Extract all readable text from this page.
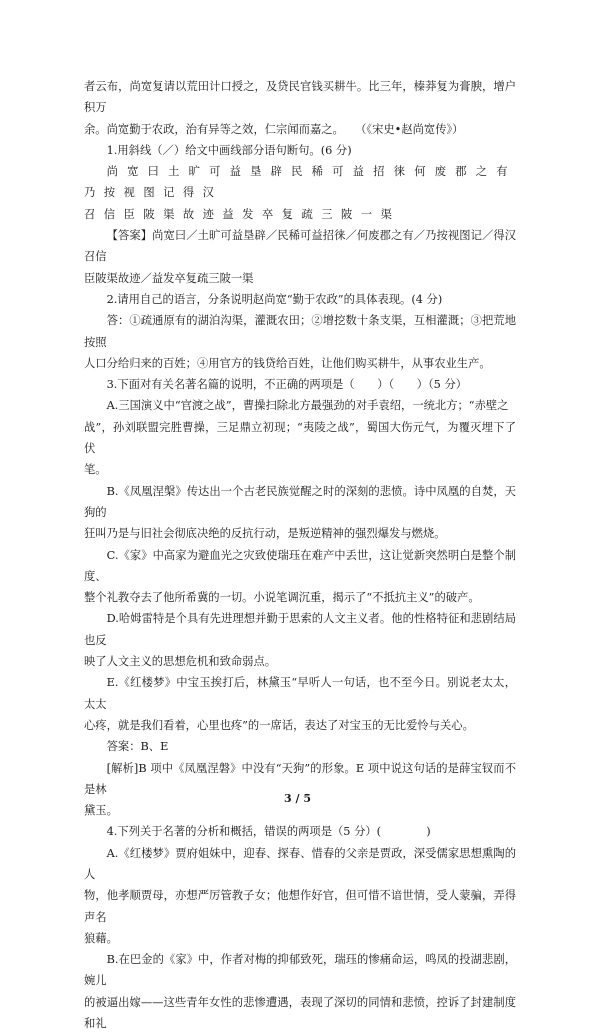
者云布，尚宽复请以荒田计口授之，及贷民官钱买耕牛。比三年，榛莽复为膏腴，增户积万

余。尚宽勤于农政，治有异等之效，仁宗闻而嘉之。　　（《宋史•赵尚宽传》）

1.用斜线（／）给文中画线部分语句断句。(6 分)

尚宽曰土旷可益垦辟民稀可益招徕何废郡之有乃按视图记得汉

召信臣陂渠故迹益发卒复疏三陂一渠

【答案】尚宽曰／土旷可益垦辟／民稀可益招徕／何废郡之有／乃按视图记／得汉召信

臣陂渠故迹／益发卒复疏三陂一渠

2.请用自己的语言，分条说明赵尚宽“勤于农政”的具体表现。(4 分)

答：①疏通原有的湖泊沟渠，灌溉农田；②增挖数十条支渠，互相灌溉；③把荒地按照

人口分给归来的百姓；④用官方的钱贷给百姓，让他们购买耕牛，从事农业生产。

3.下面对有关名著名篇的说明，不正确的两项是（　　）（　　）（5 分）

A.三国演义中“官渡之战”，曹操扫除北方最强劲的对手袁绍，一统北方；“赤壁之

战”，孙刘联盟完胜曹操，三足鼎立初现；“夷陵之战”，蜀国大伤元气，为覆灭埋下了伏

笔。

B.《凤凰涅槃》传达出一个古老民族觉醒之时的深刻的悲愤。诗中凤凰的自焚，天狗的

狂叫乃是与旧社会彻底决绝的反抗行动，是叛逆精神的强烈爆发与燃烧。

C.《家》中高家为避血光之灾致使瑞珏在难产中丢世，这让觉新突然明白是整个制度、

整个礼教夺去了他所希冀的一切。小说笔调沉重，揭示了“不抵抗主义”的破产。

D.哈姆雷特是个具有先进理想并勤于思索的人文主义者。他的性格特征和悲剧结局也反

映了人文主义的思想危机和致命弱点。

E.《红楼梦》中宝玉挨打后，林黛玉“早听人一句话，也不至今日。别说老太太，太太

心疼，就是我们看着，心里也疼”的一席话，表达了对宝玉的无比爱怜与关心。

答案：B、E

[解析]B 项中《凤凰涅磐》中没有“天狗”的形象。E 项中说这句话的是薛宝钗而不是林

黛玉。

4.下列关于名著的分析和概括，错误的两项是（5 分）(　　　　)

A.《红楼梦》贾府姐妹中，迎春、探春、惜春的父亲是贾政，深受儒家思想熏陶的人

物，他孝顺贾母，亦想严厉管教子女；他想作好官，但可惜不谙世情，受人蒙骗，弄得声名

狼藉。

B.在巴金的《家》中，作者对梅的抑郁致死，瑞珏的惨痛命运，鸣凤的投湖悲剧，婉儿

的被逼出嫁——这些青年女性的悲惨遭遇，表现了深切的同情和悲愤，控诉了封建制度和礼

3 / 5
